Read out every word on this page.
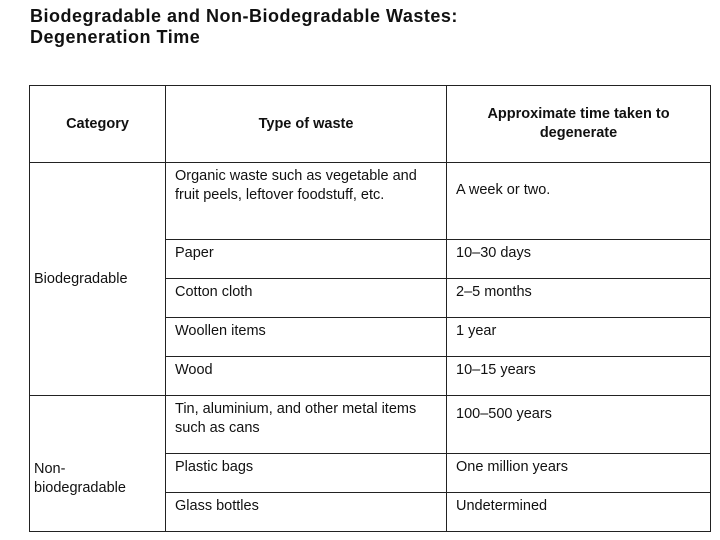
Biodegradable and Non-Biodegradable Wastes:
Degeneration Time
Category	Type of waste	Approximate time taken to degenerate
Biodegradable	Organic waste such as vegetable and fruit peels, leftover foodstuff, etc.	A week or two.
	Paper	10–30 days
	Cotton cloth	2–5 months
	Woollen items	1 year
	Wood	10–15 years

Non-biodegradable	Tin, aluminium, and other metal items such as cans	100–500 years
	Plastic bags	One million years
	Glass bottles	Undetermined
